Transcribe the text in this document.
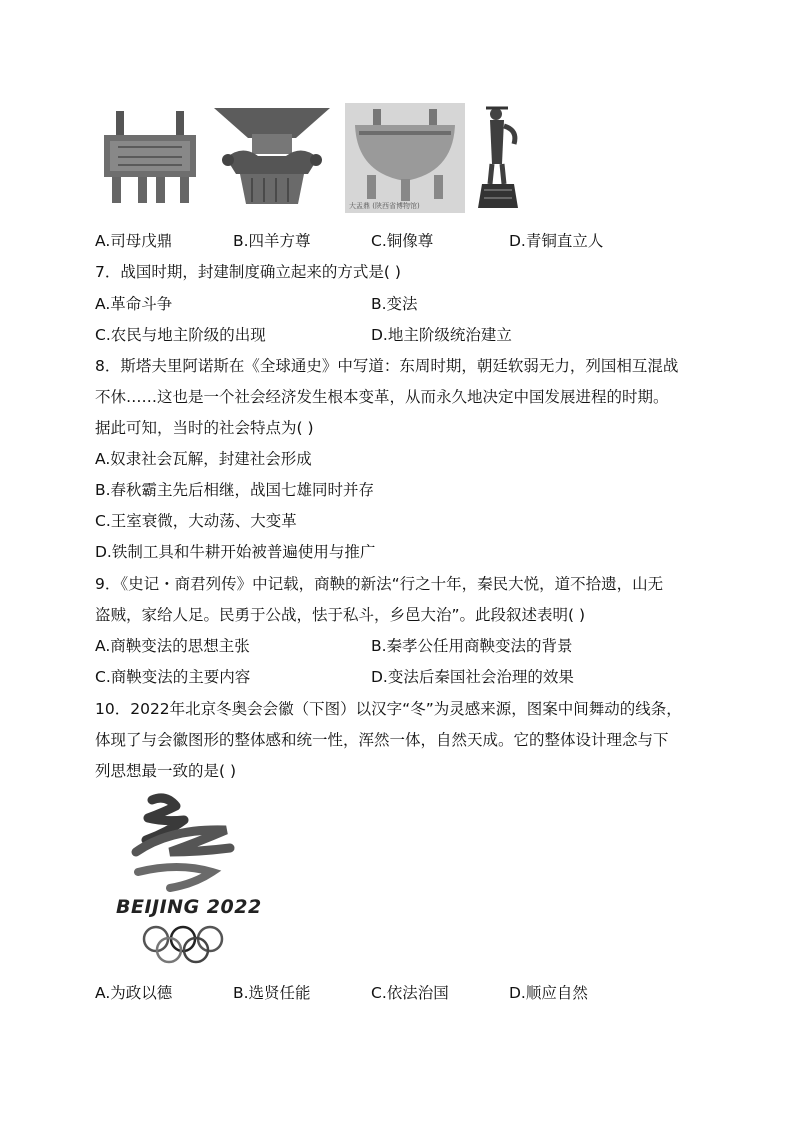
大盂鼎 (陕西省博物馆)
A.司母戊鼎	B.四羊方尊	C.铜像尊	D.青铜直立人
7．战国时期，封建制度确立起来的方式是( )
A.革命斗争	B.变法
C.农民与地主阶级的出现	D.地主阶级统治建立
8．斯塔夫里阿诺斯在《全球通史》中写道：东周时期，朝廷软弱无力，列国相互混战
不休……这也是一个社会经济发生根本变革，从而永久地决定中国发展进程的时期。
据此可知，当时的社会特点为( )
A.奴隶社会瓦解，封建社会形成
B.春秋霸主先后相继，战国七雄同时并存
C.王室衰微，大动荡、大变革
D.铁制工具和牛耕开始被普遍使用与推广
9．《史记・商君列传》中记载，商鞅的新法“行之十年，秦民大悦，道不拾遗，山无
盗贼，家给人足。民勇于公战，怯于私斗，乡邑大治”。此段叙述表明( )
A.商鞅变法的思想主张	B.秦孝公任用商鞅变法的背景
C.商鞅变法的主要内容	D.变法后秦国社会治理的效果
10．2022年北京冬奥会会徽（下图）以汉字“冬”为灵感来源，图案中间舞动的线条，
体现了与会徽图形的整体感和统一性，浑然一体，自然天成。它的整体设计理念与下
列思想最一致的是( )
BEIJING 2022
A.为政以德	B.选贤任能	C.依法治国	D.顺应自然
